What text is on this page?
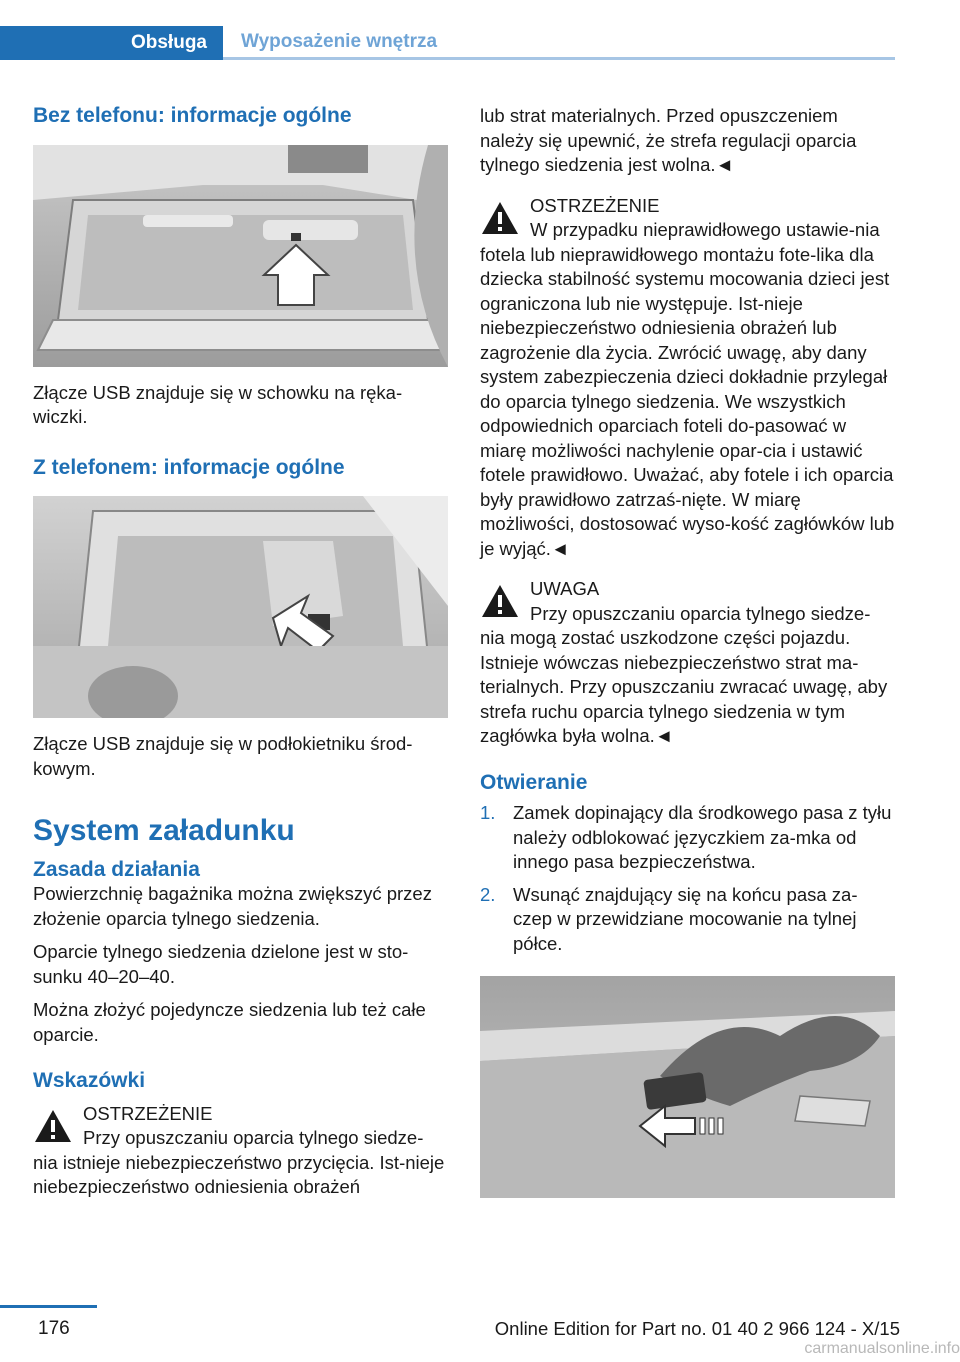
Obsługa	Wyposażenie wnętrza
Bez telefonu: informacje ogólne

Złącze USB znajduje się w schowku na ręka-wiczki.

Z telefonem: informacje ogólne

Złącze USB znajduje się w podłokietniku środ-kowym.

System załadunku
Zasada działania

Powierzchnię bagażnika można zwiększyć przez złożenie oparcia tylnego siedzenia.

Oparcie tylnego siedzenia dzielone jest w sto-sunku 40–20–40.

Można złożyć pojedyncze siedzenia lub też całe oparcie.

Wskazówki
OSTRZEŻENIE
Przy opuszczaniu oparcia tylnego siedze-nia istnieje niebezpieczeństwo przycięcia. Ist-nieje niebezpieczeństwo odniesienia obrażeń

lub strat materialnych. Przed opuszczeniem należy się upewnić, że strefa regulacji oparcia tylnego siedzenia jest wolna.◄

OSTRZEŻENIE
W przypadku nieprawidłowego ustawie-nia fotela lub nieprawidłowego montażu fote-lika dla dziecka stabilność systemu mocowania dzieci jest ograniczona lub nie występuje. Ist-nieje niebezpieczeństwo odniesienia obrażeń lub zagrożenie dla życia. Zwrócić uwagę, aby dany system zabezpieczenia dzieci dokładnie przylegał do oparcia tylnego siedzenia. We wszystkich odpowiednich oparciach foteli do-pasować w miarę możliwości nachylenie opar-cia i ustawić fotele prawidłowo. Uważać, aby fotele i ich oparcia były prawidłowo zatrzaś-nięte. W miarę możliwości, dostosować wyso-kość zagłówków lub je wyjąć.◄
UWAGA
Przy opuszczaniu oparcia tylnego siedze-nia mogą zostać uszkodzone części pojazdu. Istnieje wówczas niebezpieczeństwo strat ma-terialnych. Przy opuszczaniu zwracać uwagę, aby strefa ruchu oparcia tylnego siedzenia w tym zagłówka była wolna.◄
Otwieranie
1. Zamek dopinający dla środkowego pasa z tyłu należy odblokować języczkiem za-mka od innego pasa bezpieczeństwa.
2. Wsunąć znajdujący się na końcu pasa za-czep w przewidziane mocowanie na tylnej półce.
176	Online Edition for Part no. 01 40 2 966 124 - X/15
carmanualsonline.info
